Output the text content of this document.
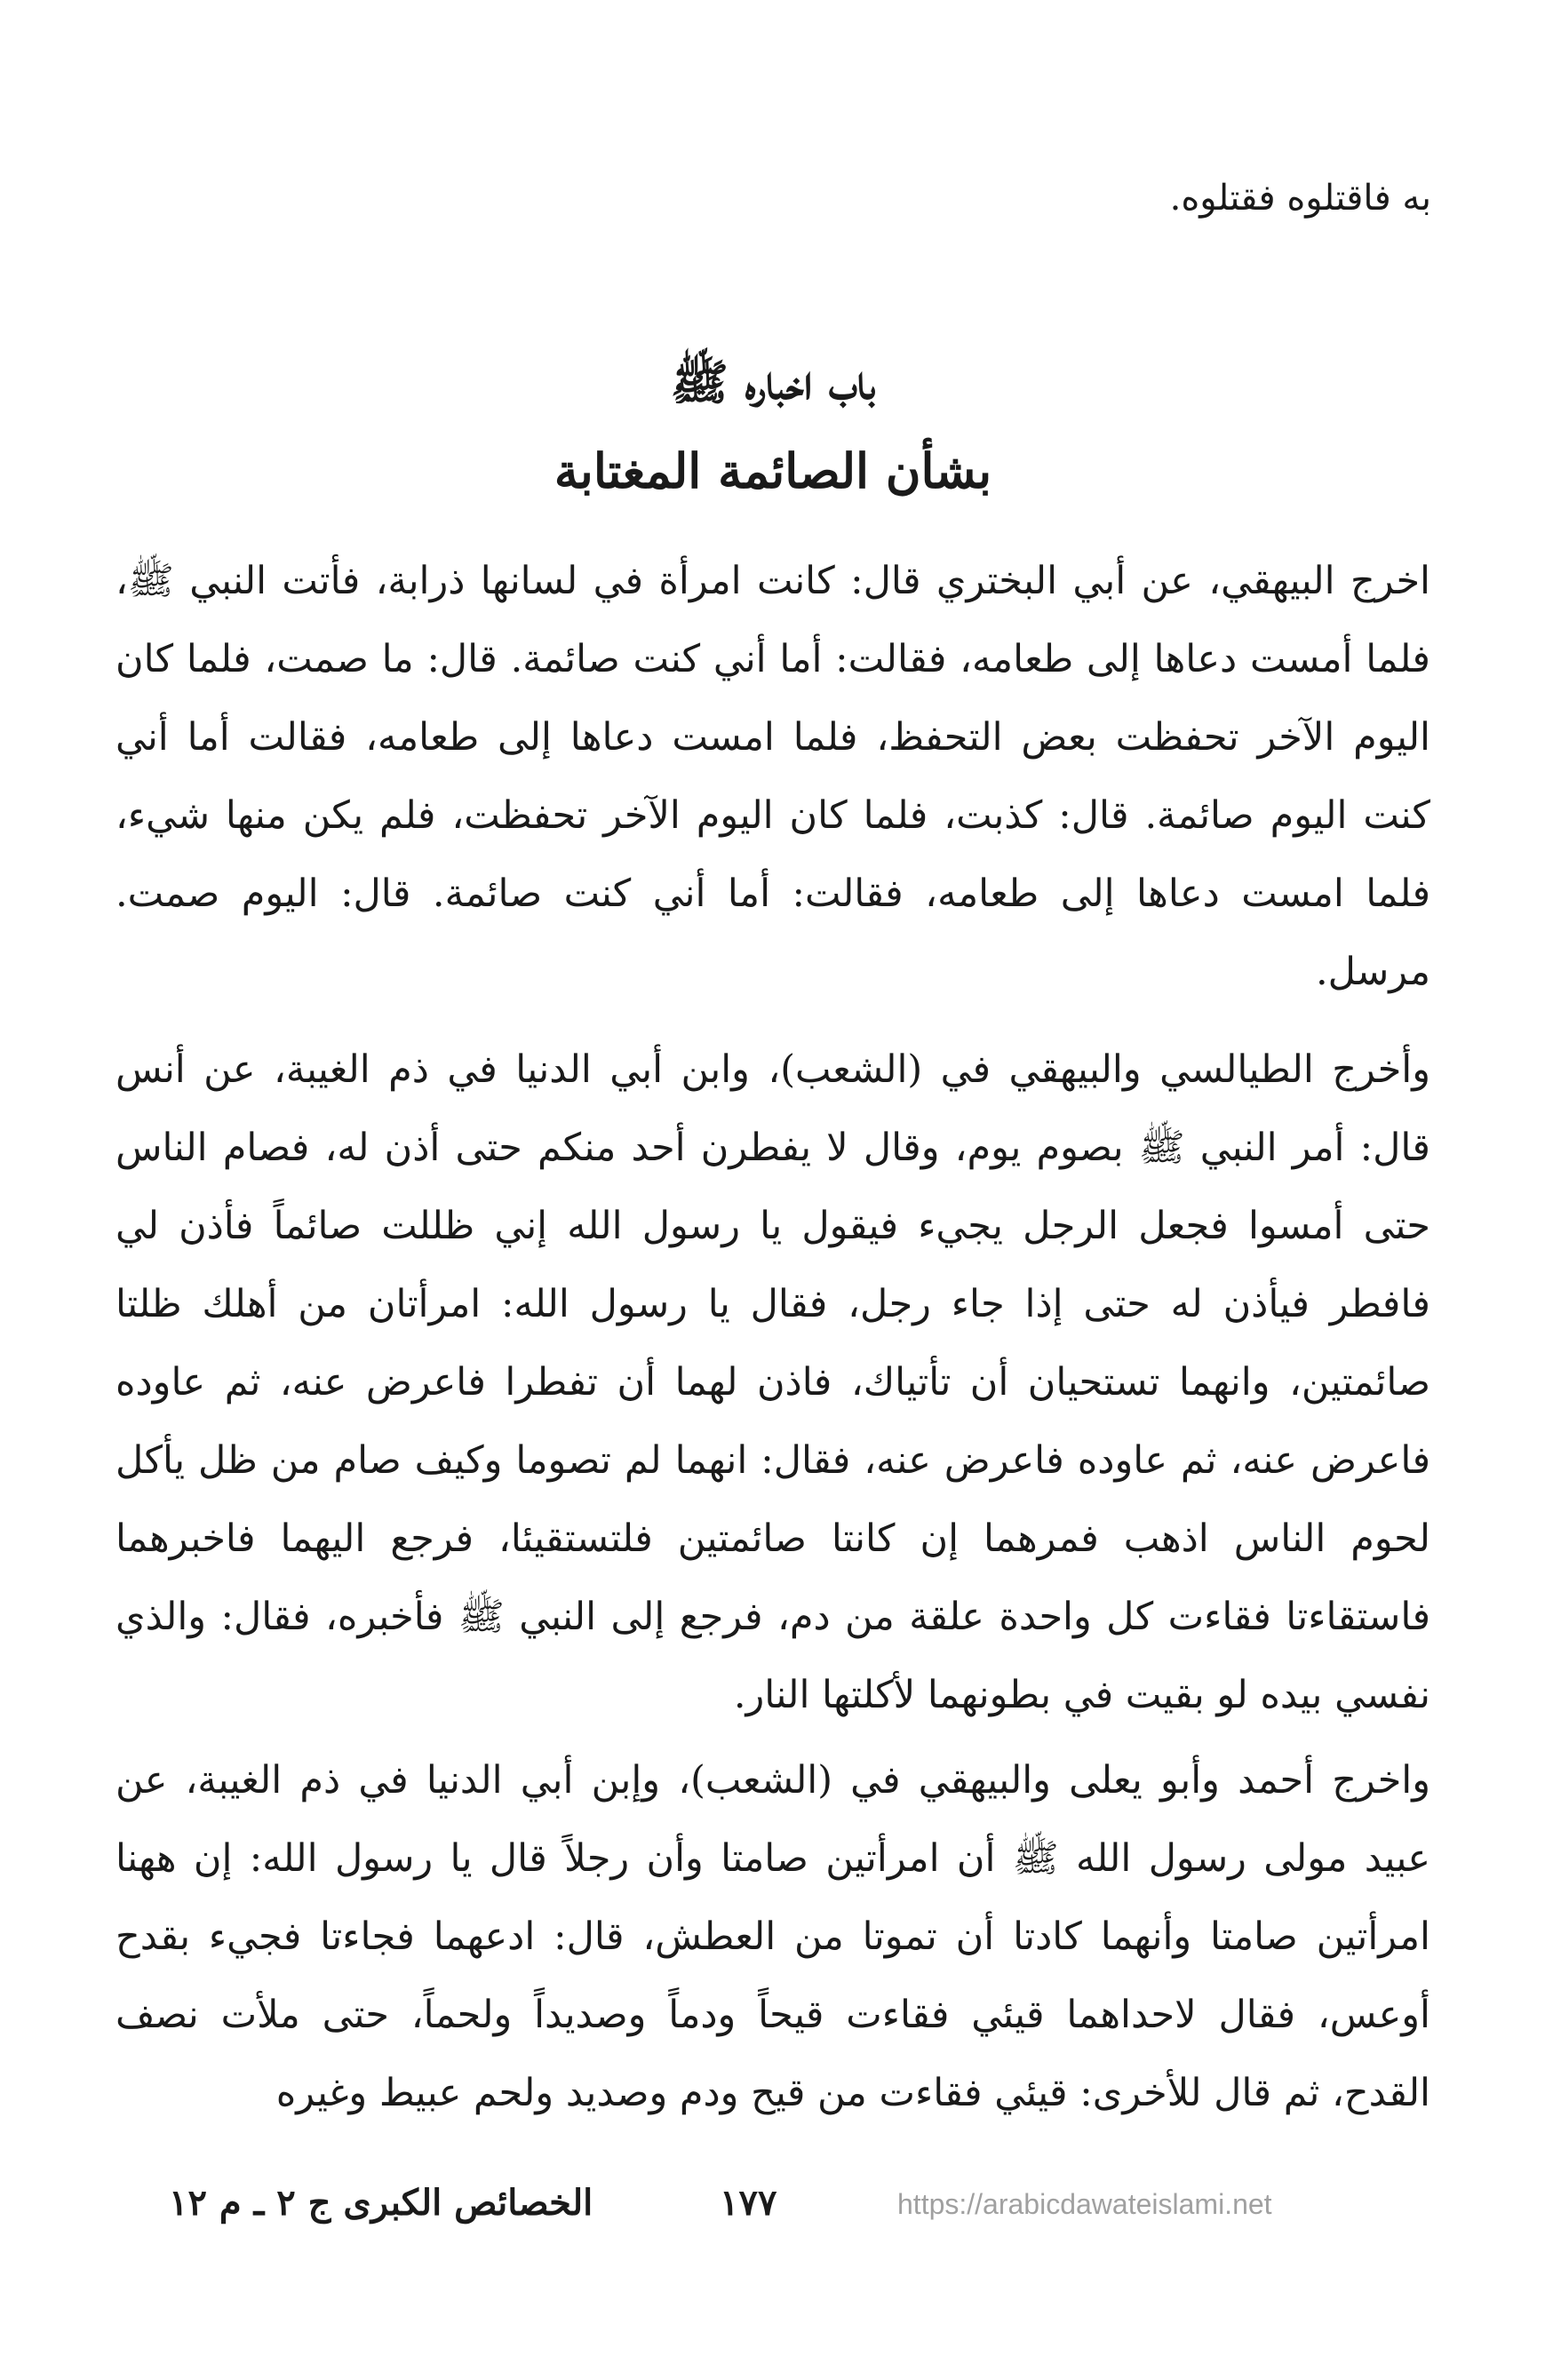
به فاقتلوه فقتلوه.
باب اخباره ﷺ
بشأن الصائمة المغتابة

اخرج البيهقي، عن أبي البختري قال: كانت امرأة في لسانها ذرابة، فأتت النبي ﷺ، فلما أمست دعاها إلى طعامه، فقالت: أما أني كنت صائمة. قال: ما صمت، فلما كان اليوم الآخر تحفظت بعض التحفظ، فلما امست دعاها إلى طعامه، فقالت أما أني كنت اليوم صائمة. قال: كذبت، فلما كان اليوم الآخر تحفظت، فلم يكن منها شيء، فلما امست دعاها إلى طعامه، فقالت: أما أني كنت صائمة. قال: اليوم صمت. مرسل.

وأخرج الطيالسي والبيهقي في (الشعب)، وابن أبي الدنيا في ذم الغيبة، عن أنس قال: أمر النبي ﷺ بصوم يوم، وقال لا يفطرن أحد منكم حتى أذن له، فصام الناس حتى أمسوا فجعل الرجل يجيء فيقول يا رسول الله إني ظللت صائماً فأذن لي فافطر فيأذن له حتى إذا جاء رجل، فقال يا رسول الله: امرأتان من أهلك ظلتا صائمتين، وانهما تستحيان أن تأتياك، فاذن لهما أن تفطرا فاعرض عنه، ثم عاوده فاعرض عنه، ثم عاوده فاعرض عنه، فقال: انهما لم تصوما وكيف صام من ظل يأكل لحوم الناس اذهب فمرهما إن كانتا صائمتين فلتستقيئا، فرجع اليهما فاخبرهما فاستقاءتا فقاءت كل واحدة علقة من دم، فرجع إلى النبي ﷺ فأخبره، فقال: والذي نفسي بيده لو بقيت في بطونهما لأكلتها النار.

واخرج أحمد وأبو يعلى والبيهقي في (الشعب)، وإبن أبي الدنيا في ذم الغيبة، عن عبيد مولى رسول الله ﷺ أن امرأتين صامتا وأن رجلاً قال يا رسول الله: إن ههنا امرأتين صامتا وأنهما كادتا أن تموتا من العطش، قال: ادعهما فجاءتا فجيء بقدح أوعس، فقال لاحداهما قيئي فقاءت قيحاً ودماً وصديداً ولحماً، حتى ملأت نصف القدح، ثم قال للأخرى: قيئي فقاءت من قيح ودم وصديد ولحم عبيط وغيره

الخصائص الكبرى ج ٢ ـ م ١٢	١٧٧	https://arabicdawateislami.net
